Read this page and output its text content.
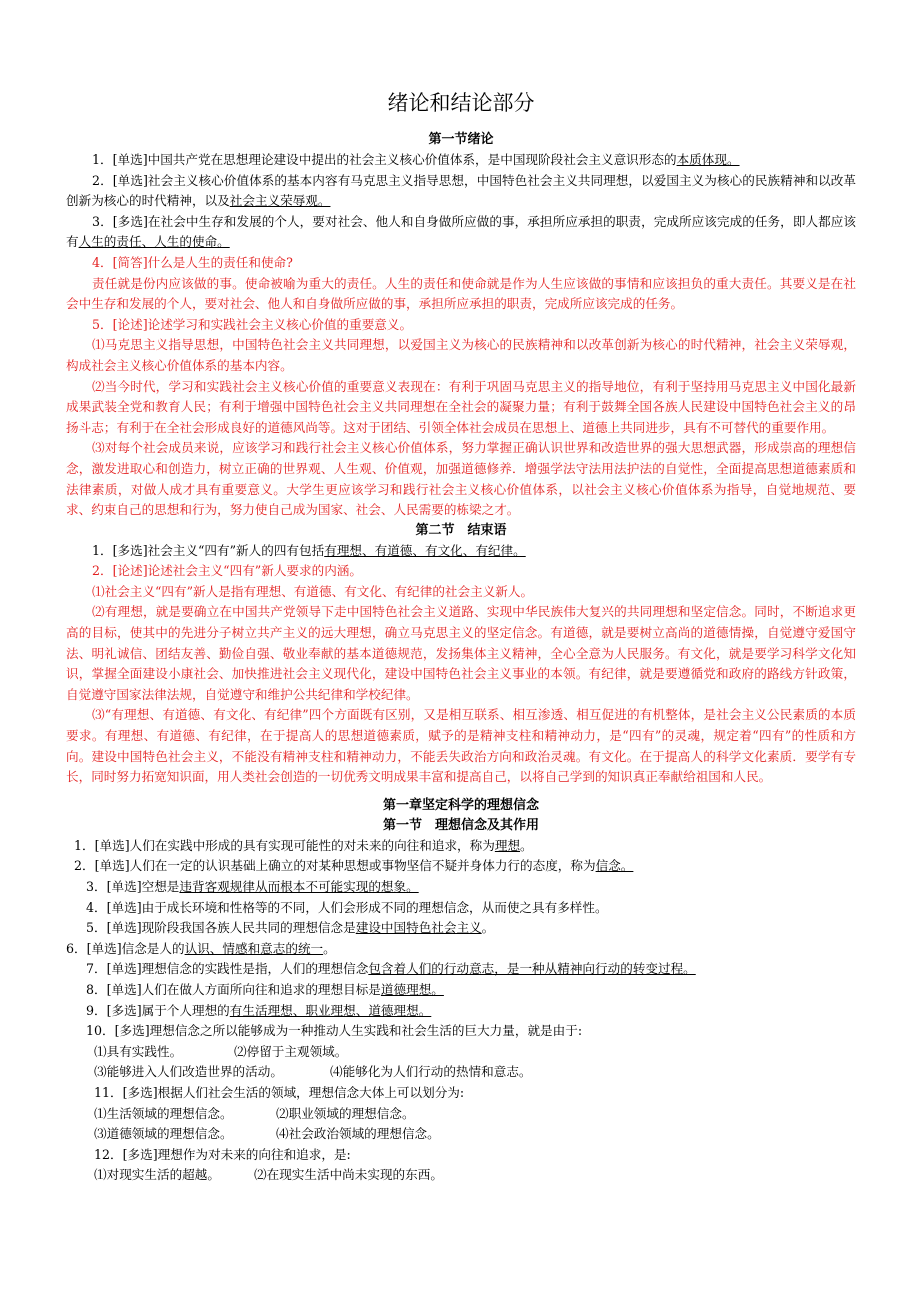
绪论和结论部分
第一节绪论

1．[单选]中国共产党在思想理论建设中提出的社会主义核心价值体系，是中国现阶段社会主义意识形态的本质体现。

2．[单选]社会主义核心价值体系的基本内容有马克思主义指导思想，中国特色社会主义共同理想，以爱国主义为核心的民族精神和以改革创新为核心的时代精神，以及社会主义荣辱观。

3．[多选]在社会中生存和发展的个人，要对社会、他人和自身做所应做的事，承担所应承担的职责，完成所应该完成的任务，即人都应该有人生的责任、人生的使命。

4．[简答]什么是人生的责任和使命?

责任就是份内应该做的事。使命被喻为重大的责任。人生的责任和使命就是作为人生应该做的事情和应该担负的重大责任。其要义是在社会中生存和发展的个人，要对社会、他人和自身做所应做的事，承担所应承担的职责，完成所应该完成的任务。

5．[论述]论述学习和实践社会主义核心价值的重要意义。

⑴马克思主义指导思想，中国特色社会主义共同理想，以爱国主义为核心的民族精神和以改革创新为核心的时代精神，社会主义荣辱观，构成社会主义核心价值体系的基本内容。

⑵当今时代，学习和实践社会主义核心价值的重要意义表现在：有利于巩固马克思主义的指导地位，有利于坚持用马克思主义中国化最新成果武装全党和教育人民；有利于增强中国特色社会主义共同理想在全社会的凝聚力量；有利于鼓舞全国各族人民建设中国特色社会主义的昂扬斗志；有利于在全社会形成良好的道德风尚等。这对于团结、引领全体社会成员在思想上、道德上共同进步，具有不可替代的重要作用。

⑶对每个社会成员来说，应该学习和践行社会主义核心价值体系，努力掌握正确认识世界和改造世界的强大思想武器，形成崇高的理想信念，激发进取心和创造力，树立正确的世界观、人生观、价值观，加强道德修养．增强学法守法用法护法的自觉性，全面提高思想道德素质和法律素质，对做人成才具有重要意义。大学生更应该学习和践行社会主义核心价值体系，以社会主义核心价值体系为指导，自觉地规范、要求、约束自己的思想和行为，努力使自己成为国家、社会、人民需要的栋梁之才。

第二节　结束语

1．[多选]社会主义“四有”新人的四有包括有理想、有道德、有文化、有纪律。

2．[论述]论述社会主义“四有”新人要求的内涵。

⑴社会主义“四有”新人是指有理想、有道德、有文化、有纪律的社会主义新人。

⑵有理想，就是要确立在中国共产党领导下走中国特色社会主义道路、实现中华民族伟大复兴的共同理想和坚定信念。同时，不断追求更高的目标，使其中的先进分子树立共产主义的远大理想，确立马克思主义的坚定信念。有道德，就是要树立高尚的道德情操，自觉遵守爱国守法、明礼诚信、团结友善、勤俭自强、敬业奉献的基本道德规范，发扬集体主义精神，全心全意为人民服务。有文化，就是要学习科学文化知识，掌握全面建设小康社会、加快推进社会主义现代化，建设中国特色社会主义事业的本领。有纪律，就是要遵循党和政府的路线方针政策，自觉遵守国家法律法规，自觉遵守和维护公共纪律和学校纪律。

⑶“有理想、有道德、有文化、有纪律”四个方面既有区别，又是相互联系、相互渗透、相互促进的有机整体，是社会主义公民素质的本质要求。有理想、有道德、有纪律，在于提高人的思想道德素质，赋予的是精神支柱和精神动力，是“四有”的灵魂，规定着“四有”的性质和方向。建设中国特色社会主义，不能没有精神支柱和精神动力，不能丢失政治方向和政治灵魂。有文化。在于提高人的科学文化素质．要学有专长，同时努力拓宽知识面，用人类社会创造的一切优秀文明成果丰富和提高自己，以将自己学到的知识真正奉献给祖国和人民。

第一章坚定科学的理想信念
第一节　理想信念及其作用

1．[单选]人们在实践中形成的具有实现可能性的对未来的向往和追求，称为理想。

2．[单选]人们在一定的认识基础上确立的对某种思想或事物坚信不疑并身体力行的态度，称为信念。

3．[单选]空想是违背客观规律从而根本不可能实现的想象。

4．[单选]由于成长环境和性格等的不同，人们会形成不同的理想信念，从而使之具有多样性。

5．[单选]现阶段我国各族人民共同的理想信念是建设中国特色社会主义。

6．[单选]信念是人的认识、情感和意志的统一。

7．[单选]理想信念的实践性是指，人们的理想信念包含着人们的行动意志，是一种从精神向行动的转变过程。

8．[单选]人们在做人方面所向往和追求的理想目标是道德理想。

9．[多选]属于个人理想的有生活理想、职业理想、道德理想。

10．[多选]理想信念之所以能够成为一种推动人生实践和社会生活的巨大力量，就是由于:

⑴具有实践性。	⑵停留于主观领域。

⑶能够进入人们改造世界的活动。	⑷能够化为人们行动的热情和意志。

11．[多选]根据人们社会生活的领域，理想信念大体上可以划分为:

⑴生活领域的理想信念。	⑵职业领域的理想信念。

⑶道德领域的理想信念。	⑷社会政治领域的理想信念。

12．[多选]理想作为对未来的向往和追求，是:

⑴对现实生活的超越。	⑵在现实生活中尚未实现的东西。
